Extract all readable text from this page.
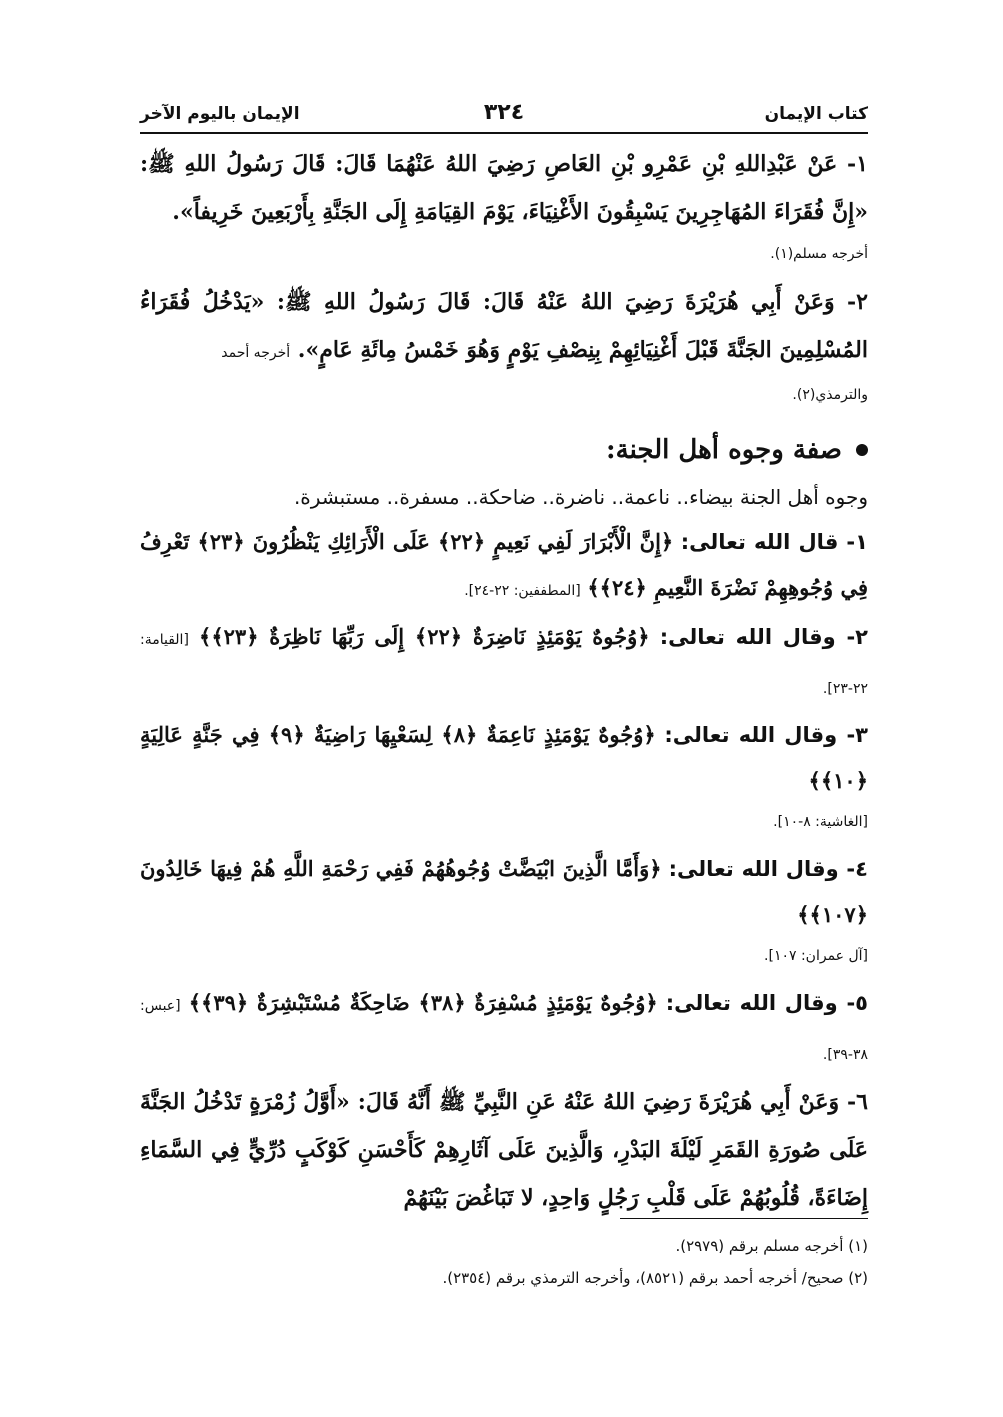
كتاب الإيمان
٣٢٤
الإيمان باليوم الآخر
١- عَنْ عَبْدِاللهِ بْنِ عَمْرِو بْنِ العَاصِ رَضِيَ اللهُ عَنْهُمَا قَالَ: قَالَ رَسُولُ اللهِ ﷺ: «إِنَّ فُقَرَاءَ المُهَاجِرِينَ يَسْبِقُونَ الأَغْنِيَاءَ، يَوْمَ القِيَامَةِ إِلَى الجَنَّةِ بِأَرْبَعِينَ خَرِيفاً».
أخرجه مسلم(١).
٢- وَعَنْ أَبِي هُرَيْرَةَ رَضِيَ اللهُ عَنْهُ قَالَ: قَالَ رَسُولُ اللهِ ﷺ: «يَدْخُلُ فُقَرَاءُ المُسْلِمِينَ الجَنَّةَ قَبْلَ أَغْنِيَائِهِمْ بِنِصْفِ يَوْمٍ وَهُوَ خَمْسُ مِائَةِ عَامٍ». أخرجه أحمد
والترمذي(٢).
صفة وجوه أهل الجنة:
وجوه أهل الجنة بيضاء.. ناعمة.. ناضرة.. ضاحكة.. مسفرة.. مستبشرة.
١- قال الله تعالى: ﴿إِنَّ الْأَبْرَارَ لَفِي نَعِيمٍ ﴿٢٢﴾ عَلَى الْأَرَائِكِ يَنْظُرُونَ ﴿٢٣﴾ تَعْرِفُ فِي وُجُوهِهِمْ نَضْرَةَ النَّعِيمِ ﴿٢٤﴾﴾ [المطففين: ٢٢-٢٤].
٢- وقال الله تعالى: ﴿وُجُوهٌ يَوْمَئِذٍ نَاضِرَةٌ ﴿٢٢﴾ إِلَى رَبِّهَا نَاظِرَةٌ ﴿٢٣﴾﴾ [القيامة: ٢٢-٢٣].
٣- وقال الله تعالى: ﴿وُجُوهٌ يَوْمَئِذٍ نَاعِمَةٌ ﴿٨﴾ لِسَعْيِهَا رَاضِيَةٌ ﴿٩﴾ فِي جَنَّةٍ عَالِيَةٍ ﴿١٠﴾﴾
[الغاشية: ٨-١٠].
٤- وقال الله تعالى: ﴿وَأَمَّا الَّذِينَ ابْيَضَّتْ وُجُوهُهُمْ فَفِي رَحْمَةِ اللَّهِ هُمْ فِيهَا خَالِدُونَ ﴿١٠٧﴾﴾
[آل عمران: ١٠٧].
٥- وقال الله تعالى: ﴿وُجُوهٌ يَوْمَئِذٍ مُسْفِرَةٌ ﴿٣٨﴾ ضَاحِكَةٌ مُسْتَبْشِرَةٌ ﴿٣٩﴾﴾ [عبس: ٣٨-٣٩].
٦- وَعَنْ أَبِي هُرَيْرَةَ رَضِيَ اللهُ عَنْهُ عَنِ النَّبِيِّ ﷺ أَنَّهُ قَالَ: «أَوَّلُ زُمْرَةٍ تَدْخُلُ الجَنَّةَ عَلَى صُورَةِ القَمَرِ لَيْلَةَ البَدْرِ، وَالَّذِينَ عَلَى آثَارِهِمْ كَأَحْسَنِ كَوْكَبٍ دُرِّيٍّ فِي السَّمَاءِ إِضَاءَةً، قُلُوبُهُمْ عَلَى قَلْبِ رَجُلٍ وَاحِدٍ، لا تَبَاغُضَ بَيْنَهُمْ
(١) أخرجه مسلم برقم (٢٩٧٩).
(٢) صحيح/ أخرجه أحمد برقم (٨٥٢١)، وأخرجه الترمذي برقم (٢٣٥٤).
